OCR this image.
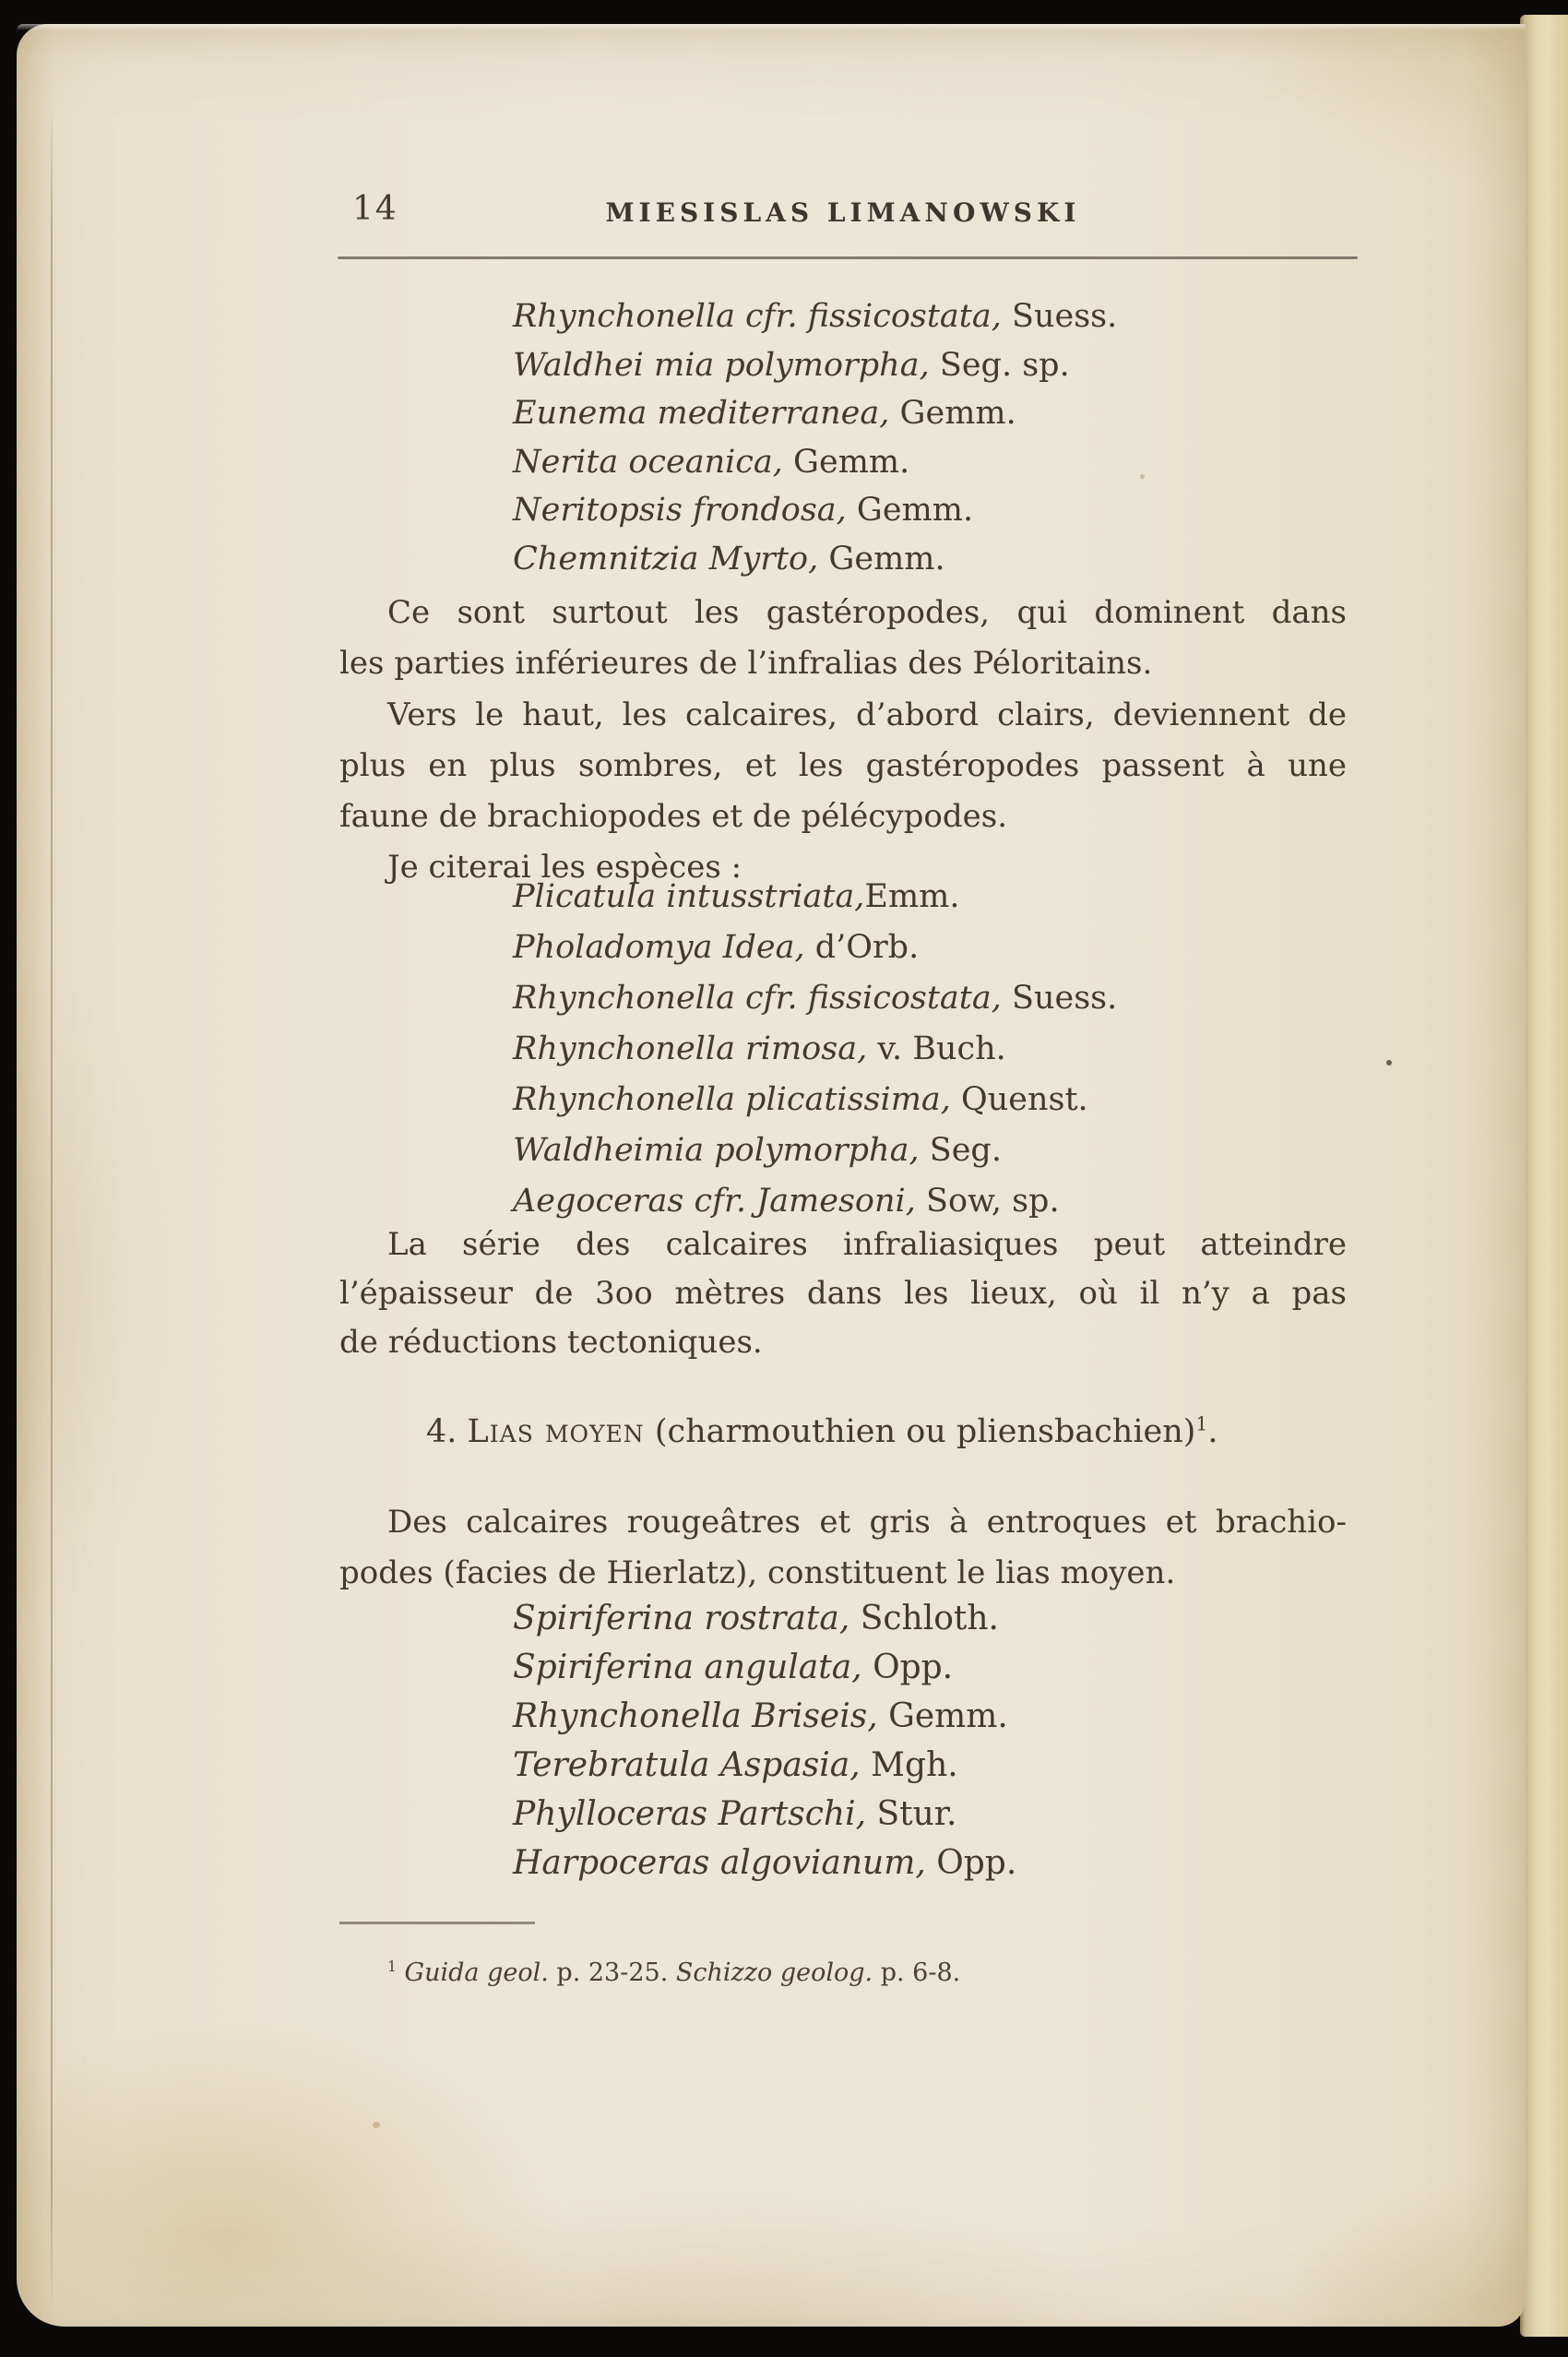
14	MIESISLAS LIMANOWSKI
Rhynchonella cfr. fissicostata, Suess.
Waldhei mia polymorpha, Seg. sp.
Eunema mediterranea, Gemm.
Nerita oceanica, Gemm.
Neritopsis frondosa, Gemm.
Chemnitzia Myrto, Gemm.
Ce sont surtout les gastéropodes, qui dominent dans
les parties inférieures de l’infralias des Péloritains.
Vers le haut, les calcaires, d’abord clairs, deviennent de
plus en plus sombres, et les gastéropodes passent à une
faune de brachiopodes et de pélécypodes.
Je citerai les espèces :
Plicatula intusstriata,Emm.
Pholadomya Idea, d’Orb.
Rhynchonella cfr. fissicostata, Suess.
Rhynchonella rimosa, v. Buch.
Rhynchonella plicatissima, Quenst.
Waldheimia polymorpha, Seg.
Aegoceras cfr. Jamesoni, Sow, sp.
La série des calcaires infraliasiques peut atteindre
l’épaisseur de 3oo mètres dans les lieux, où il n’y a pas
de réductions tectoniques.
4. Lias moyen (charmouthien ou pliensbachien)$^1$.
Des calcaires rougeâtres et gris à entroques et brachio-
podes (facies de Hierlatz), constituent le lias moyen.
Spiriferina rostrata, Schloth.
Spiriferina angulata, Opp.
Rhynchonella Briseis, Gemm.
Terebratula Aspasia, Mgh.
Phylloceras Partschi, Stur.
Harpoceras algovianum, Opp.
$^1$ Guida geol. p. 23-25. Schizzo geolog. p. 6-8.
